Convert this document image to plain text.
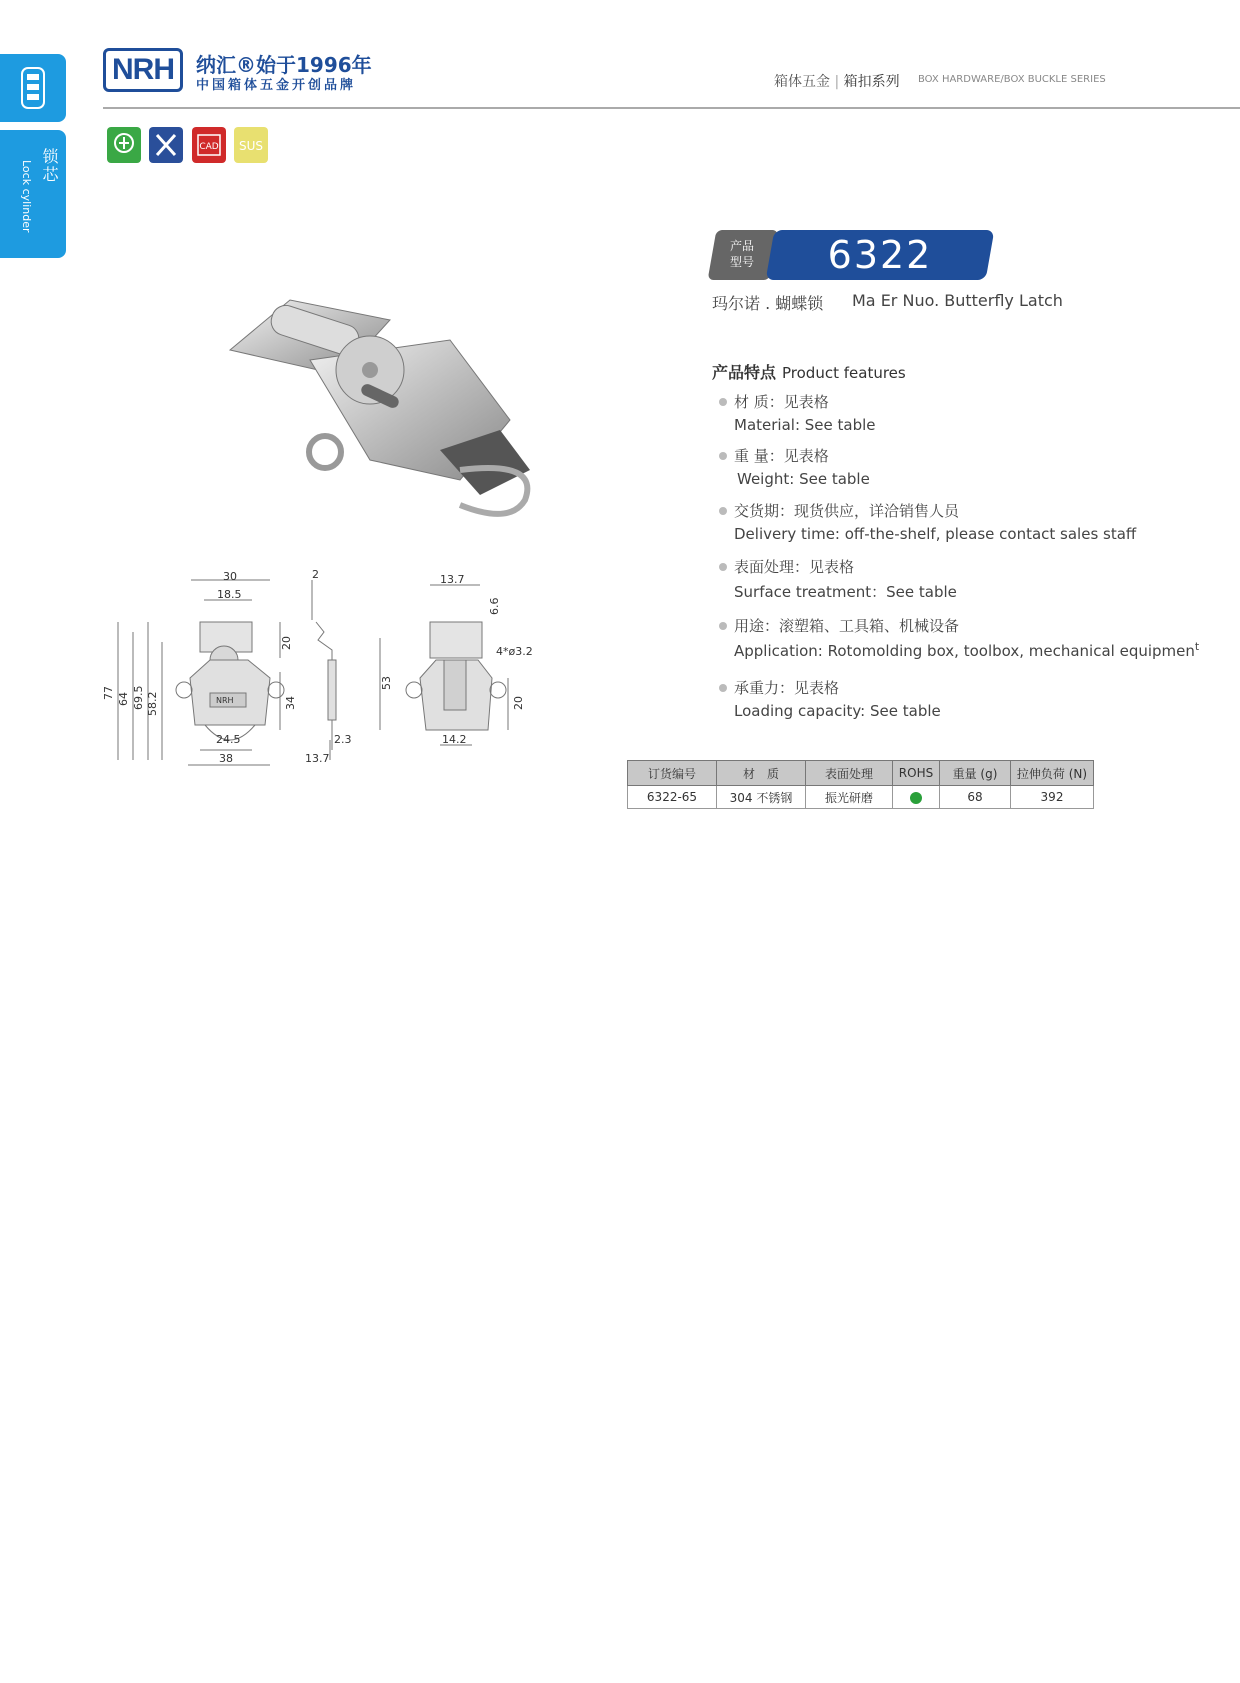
锁芯
Lock cylinder
NRH	纳汇®始于1996年
中国箱体五金开创品牌	箱体五金 | 箱扣系列 BOX HARDWARE/BOX BUCKLE SERIES
CAD SUS
30
18.5
20
77 64 69.5 58.2	34
24.5
38
2
2.3
13.7
13.7
6.6
4*ø3.2
53
20
14.2
NRH
产品
型号	6322
玛尔诺 . 蝴蝶锁 Ma Er Nuo. Butterfly Latch
产品特点 Product features
材 质：见表格
Material: See table
重 量：见表格
Weight: See table
交货期：现货供应，详洽销售人员
Delivery time: off-the-shelf, please contact sales staff
表面处理：见表格
Surface treatment：See table
用途：滚塑箱、工具箱、机械设备
Application: Rotomolding box, toolbox, mechanical equipmen$^t$
承重力：见表格
Loading capacity: See table
订货编号	材　质	表面处理	ROHS	重量 (g)	拉伸负荷 (N)
6322-65	304 不锈钢	振光研磨		68	392
